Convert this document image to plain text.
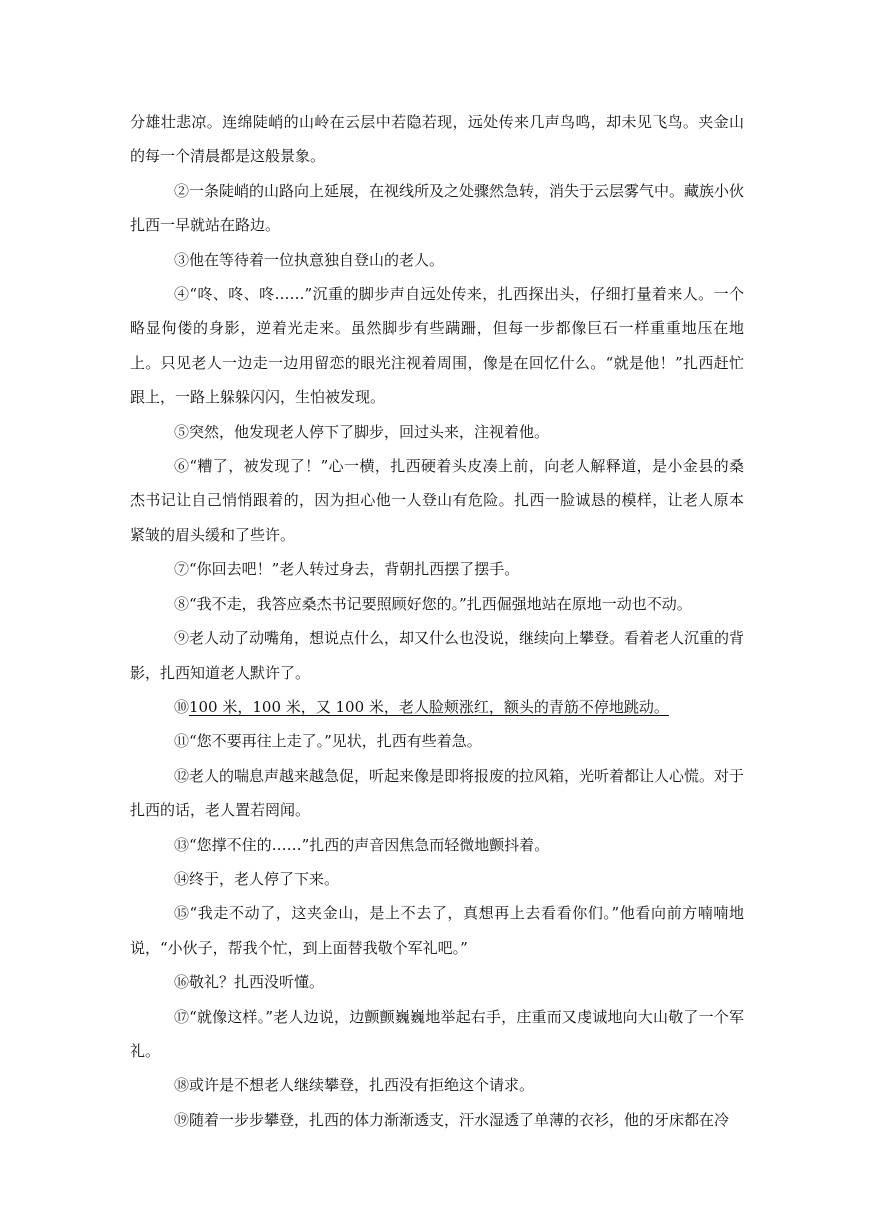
分雄壮悲凉。连绵陡峭的山岭在云层中若隐若现，远处传来几声鸟鸣，却未见飞鸟。夹金山的每一个清晨都是这般景象。

②一条陡峭的山路向上延展，在视线所及之处骤然急转，消失于云层雾气中。藏族小伙扎西一早就站在路边。

③他在等待着一位执意独自登山的老人。

④“咚、咚、咚……”沉重的脚步声自远处传来，扎西探出头，仔细打量着来人。一个略显佝偻的身影，逆着光走来。虽然脚步有些蹒跚，但每一步都像巨石一样重重地压在地上。只见老人一边走一边用留恋的眼光注视着周围，像是在回忆什么。“就是他！”扎西赶忙跟上，一路上躲躲闪闪，生怕被发现。

⑤突然，他发现老人停下了脚步，回过头来，注视着他。

⑥“糟了，被发现了！”心一横，扎西硬着头皮凑上前，向老人解释道，是小金县的桑杰书记让自己悄悄跟着的，因为担心他一人登山有危险。扎西一脸诚恳的模样，让老人原本紧皱的眉头缓和了些许。

⑦“你回去吧！”老人转过身去，背朝扎西摆了摆手。

⑧“我不走，我答应桑杰书记要照顾好您的。”扎西倔强地站在原地一动也不动。

⑨老人动了动嘴角，想说点什么，却又什么也没说，继续向上攀登。看着老人沉重的背影，扎西知道老人默许了。

⑩100 米，100 米，又 100 米，老人脸颊涨红，额头的青筋不停地跳动。

⑪“您不要再往上走了。”见状，扎西有些着急。

⑫老人的喘息声越来越急促，听起来像是即将报废的拉风箱，光听着都让人心慌。对于扎西的话，老人置若罔闻。

⑬“您撑不住的……”扎西的声音因焦急而轻微地颤抖着。

⑭终于，老人停了下来。

⑮“我走不动了，这夹金山，是上不去了，真想再上去看看你们。”他看向前方喃喃地说，“小伙子，帮我个忙，到上面替我敬个军礼吧。”

⑯敬礼？扎西没听懂。

⑰“就像这样。”老人边说，边颤颤巍巍地举起右手，庄重而又虔诚地向大山敬了一个军礼。

⑱或许是不想老人继续攀登，扎西没有拒绝这个请求。

⑲随着一步步攀登，扎西的体力渐渐透支，汗水湿透了单薄的衣衫，他的牙床都在冷
